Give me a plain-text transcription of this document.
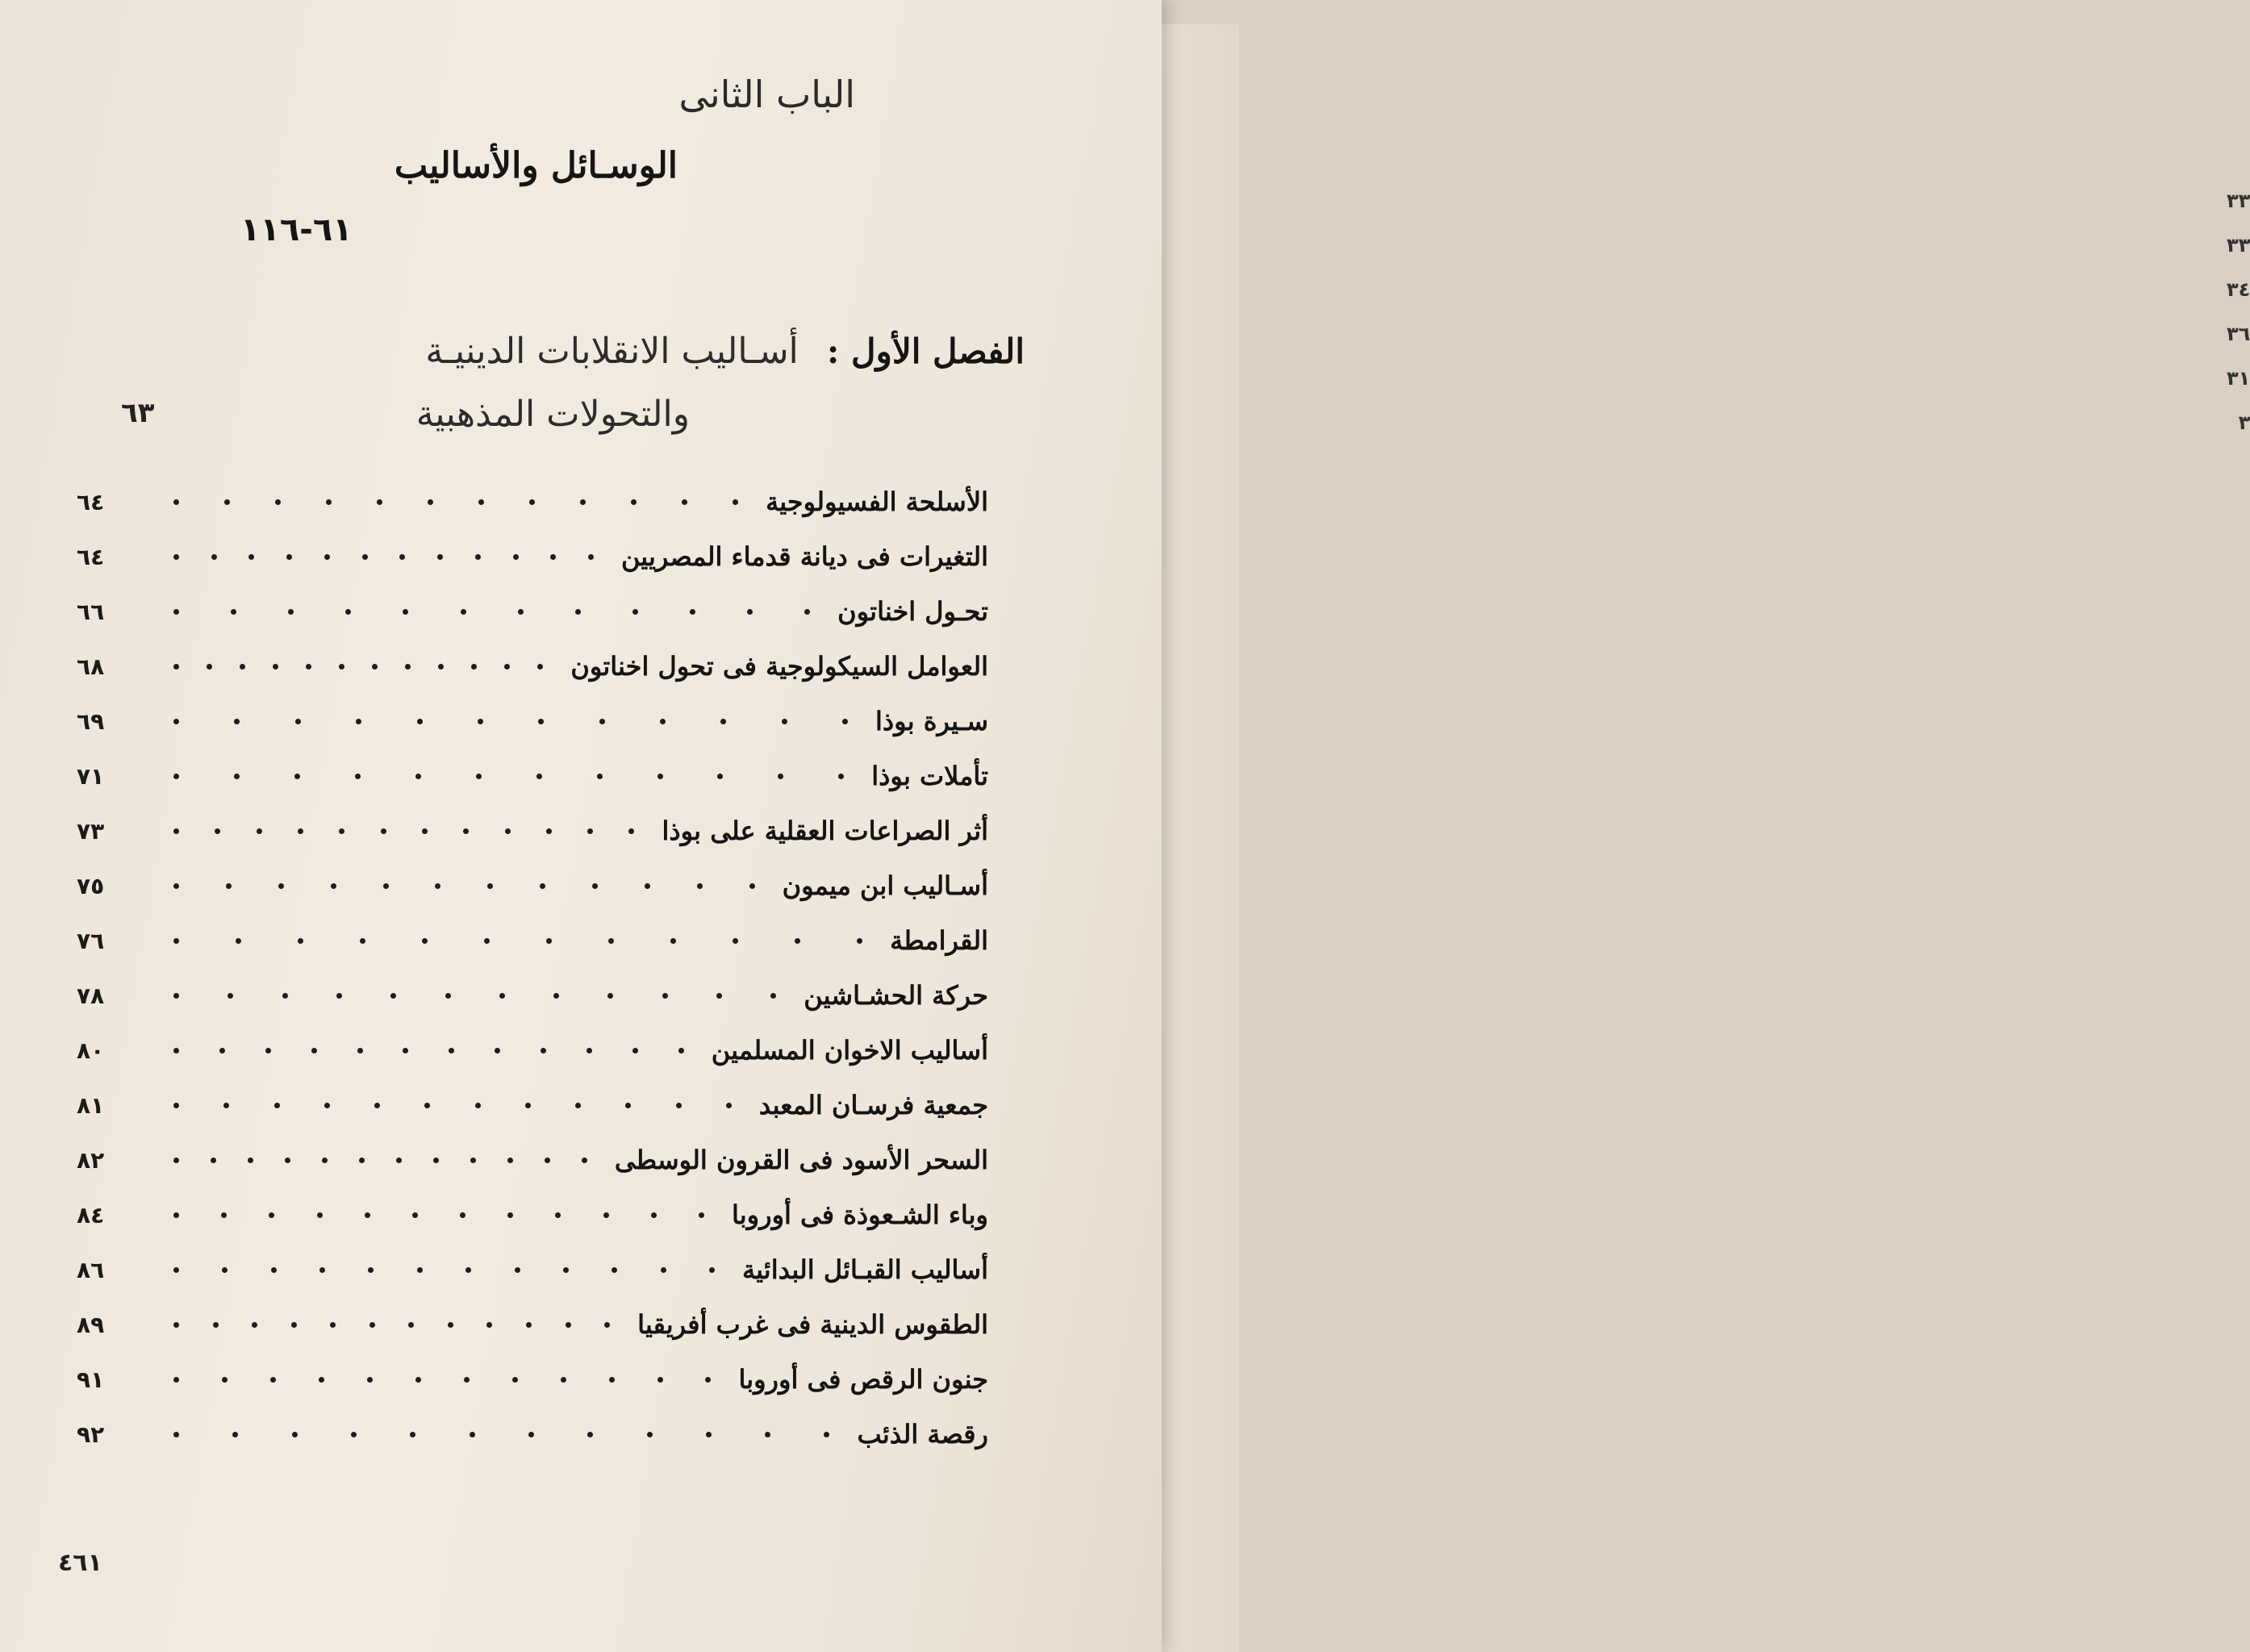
٣٣
٣٣
٣٤
٣٦
٣١
٣
الباب الثانى
الوسـائل والأساليب
٦١-١١٦
الفصل الأول : أسـاليب الانقلابات الدينيـة
والتحولات المذهبية
٦٣
الأسلحة الفسيولوجية
٦٤
التغيرات فى ديانة قدماء المصريين
٦٤
تحـول اخناتون
٦٦
العوامل السيكولوجية فى تحول اخناتون
٦٨
سـيرة بوذا
٦٩
تأملات بوذا
٧١
أثر الصراعات العقلية على بوذا
٧٣
أسـاليب ابن ميمون
٧٥
القرامطة
٧٦
حركة الحشـاشين
٧٨
أساليب الاخوان المسلمين
٨٠
جمعية فرسـان المعبد
٨١
السحر الأسود فى القرون الوسطى
٨٢
وباء الشـعوذة فى أوروبا
٨٤
أساليب القبـائل البدائية
٨٦
الطقوس الدينية فى غرب أفريقيا
٨٩
جنون الرقص فى أوروبا
٩١
رقصة الذئب
٩٢
٤٦١
